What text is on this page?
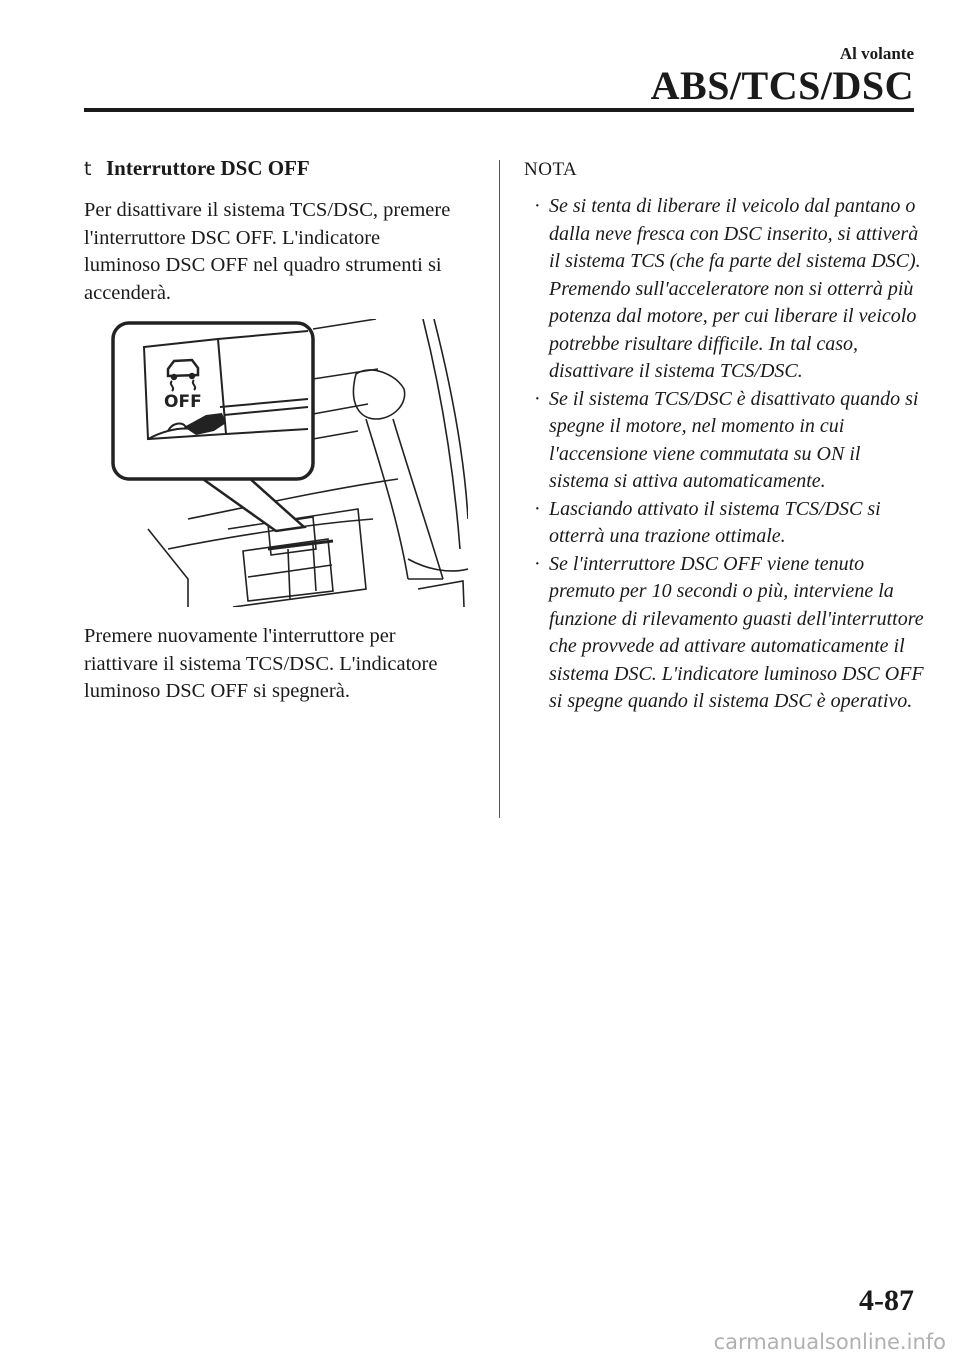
Al volante
ABS/TCS/DSC
t Interruttore DSC OFF

Per disattivare il sistema TCS/DSC, premere l'interruttore DSC OFF. L'indicatore luminoso DSC OFF nel quadro strumenti si accenderà.

OFF

Premere nuovamente l'interruttore per riattivare il sistema TCS/DSC. L'indicatore luminoso DSC OFF si spegnerà.

NOTA
· Se si tenta di liberare il veicolo dal pantano o dalla neve fresca con DSC inserito, si attiverà il sistema TCS (che fa parte del sistema DSC). Premendo sull'acceleratore non si otterrà più potenza dal motore, per cui liberare il veicolo potrebbe risultare difficile. In tal caso, disattivare il sistema TCS/DSC.
· Se il sistema TCS/DSC è disattivato quando si spegne il motore, nel momento in cui l'accensione viene commutata su ON il sistema si attiva automaticamente.
· Lasciando attivato il sistema TCS/DSC si otterrà una trazione ottimale.
· Se l'interruttore DSC OFF viene tenuto premuto per 10 secondi o più, interviene la funzione di rilevamento guasti dell'interruttore che provvede ad attivare automaticamente il sistema DSC. L'indicatore luminoso DSC OFF si spegne quando il sistema DSC è operativo.
4-87
carmanualsonline.info
